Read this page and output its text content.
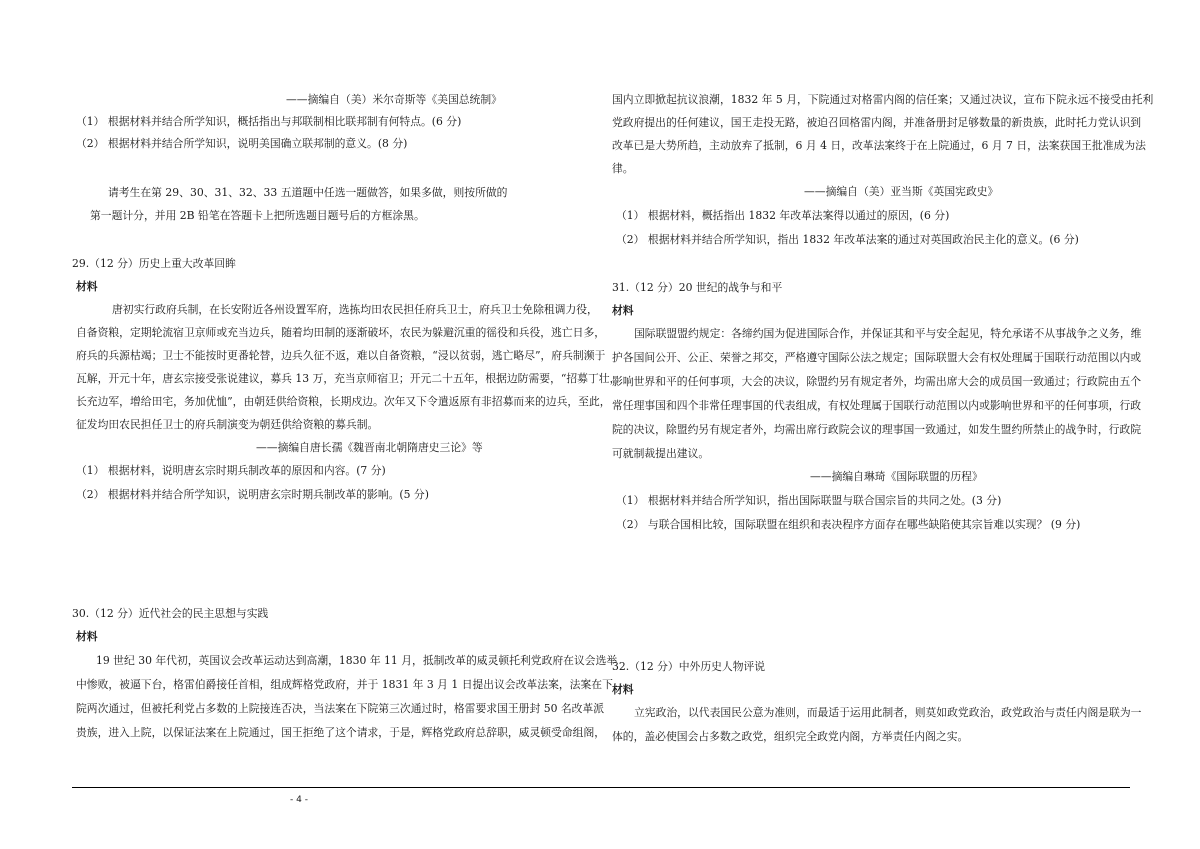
——摘编自（美）米尔奇斯等《美国总统制》
（1） 根据材料并结合所学知识，概括指出与邦联制相比联邦制有何特点。(6 分)
（2） 根据材料并结合所学知识，说明美国确立联邦制的意义。(8 分)
请考生在第 29、30、31、32、33 五道题中任选一题做答，如果多做，则按所做的
第一题计分，并用 2B 铅笔在答题卡上把所选题目题号后的方框涂黑。
29.（12 分）历史上重大改革回眸
材料
唐初实行政府兵制，在长安附近各州设置军府，选拣均田农民担任府兵卫士，府兵卫士免除租调力役，
自备资粮，定期轮流宿卫京师或充当边兵，随着均田制的逐渐破坏，农民为躲避沉重的徭役和兵役，逃亡日多，
府兵的兵源枯竭；卫士不能按时更番轮替，边兵久征不返，难以自备资粮，“浸以贫弱，逃亡略尽”，府兵制濒于
瓦解，开元十年，唐玄宗接受张说建议，募兵 13 万，充当京师宿卫；开元二十五年，根据边防需要，“招募丁壮，
长充边军，增给田宅，务加优恤”，由朝廷供给资粮，长期戍边。次年又下令遣返原有非招募而来的边兵，至此，
征发均田农民担任卫士的府兵制演变为朝廷供给资粮的募兵制。
——摘编自唐长孺《魏晋南北朝隋唐史三论》等
（1） 根据材料，说明唐玄宗时期兵制改革的原因和内容。(7 分)
（2） 根据材料并结合所学知识，说明唐玄宗时期兵制改革的影响。(5 分)
30.（12 分）近代社会的民主思想与实践
材料
19 世纪 30 年代初，英国议会改革运动达到高潮，1830 年 11 月，抵制改革的威灵顿托利党政府在议会选举
中惨败，被逼下台，格雷伯爵接任首相，组成辉格党政府，并于 1831 年 3 月 1 日提出议会改革法案，法案在下
院两次通过，但被托利党占多数的上院接连否决，当法案在下院第三次通过时，格雷要求国王册封 50 名改革派
贵族，进入上院，以保证法案在上院通过，国王拒绝了这个请求，于是，辉格党政府总辞职，威灵顿受命组阁，
国内立即掀起抗议浪潮，1832 年 5 月，下院通过对格雷内阁的信任案；又通过决议，宣布下院永远不接受由托利
党政府提出的任何建议，国王走投无路，被迫召回格雷内阁，并准备册封足够数量的新贵族，此时托力党认识到
改革已是大势所趋，主动放弃了抵制，6 月 4 日，改革法案终于在上院通过，6 月 7 日，法案获国王批准成为法
律。
——摘编自（美）亚当斯《英国宪政史》
（1） 根据材料，概括指出 1832 年改革法案得以通过的原因，(6 分)
（2） 根据材料并结合所学知识，指出 1832 年改革法案的通过对英国政治民主化的意义。(6 分)
31.（12 分）20 世纪的战争与和平
材料
国际联盟盟约规定：各缔约国为促进国际合作，并保证其和平与安全起见，特允承诺不从事战争之义务，维
护各国间公开、公正、荣誉之邦交，严格遵守国际公法之规定；国际联盟大会有权处理属于国联行动范围以内或
影响世界和平的任何事项，大会的决议，除盟约另有规定者外，均需出席大会的成员国一致通过；行政院由五个
常任理事国和四个非常任理事国的代表组成，有权处理属于国联行动范围以内或影响世界和平的任何事项，行政
院的决议，除盟约另有规定者外，均需出席行政院会议的理事国一致通过，如发生盟约所禁止的战争时，行政院
可就制裁提出建议。
——摘编自琳琦《国际联盟的历程》
（1） 根据材料并结合所学知识，指出国际联盟与联合国宗旨的共同之处。(3 分)
（2） 与联合国相比较，国际联盟在组织和表决程序方面存在哪些缺陷使其宗旨难以实现？ (9 分)
32.（12 分）中外历史人物评说
材料
立宪政治，以代表国民公意为准则，而最适于运用此制者，则莫如政党政治，政党政治与责任内阁是联为一
体的，盖必使国会占多数之政党，组织完全政党内阁，方举责任内阁之实。
- 4 -
